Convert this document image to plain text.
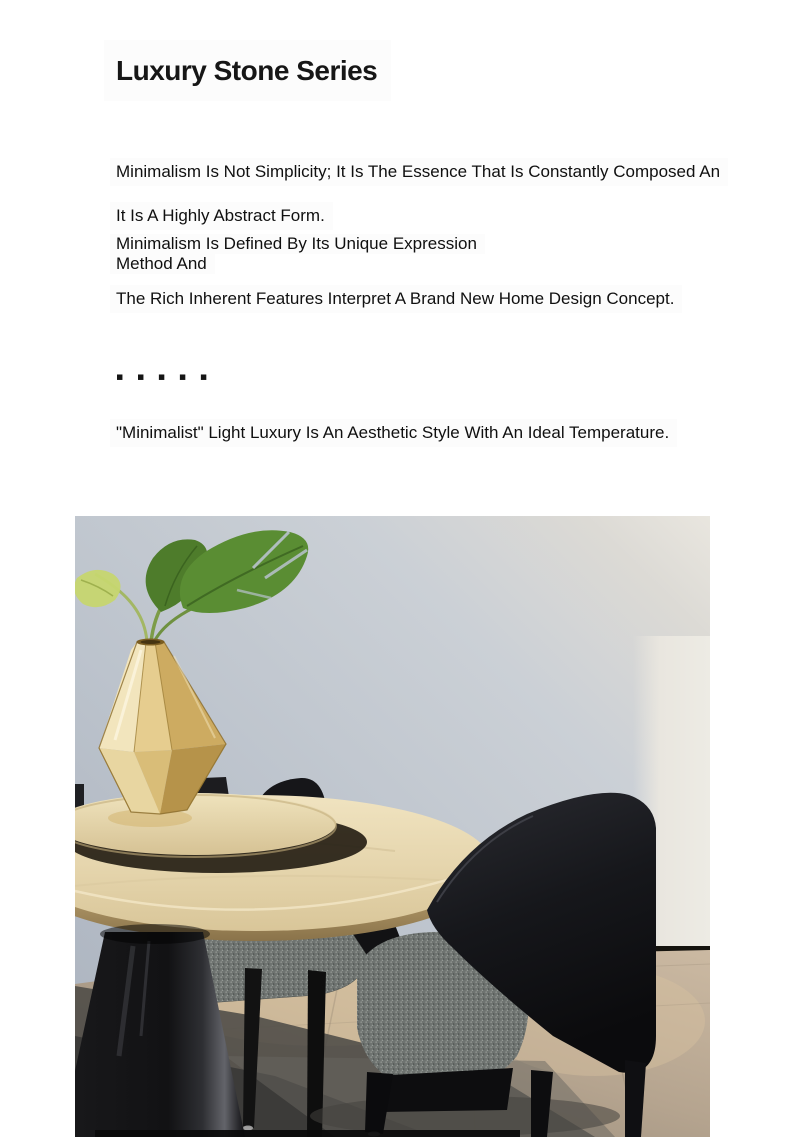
Luxury Stone Series
Minimalism Is Not Simplicity; It Is The Essence That Is Constantly Composed An
It Is A Highly Abstract Form.
Minimalism Is Defined By Its Unique Expression
Method And
The Rich Inherent Features Interpret A Brand New Home Design Concept.
▪▪▪▪▪
"Minimalist" Light Luxury Is An Aesthetic Style With An Ideal Temperature.
